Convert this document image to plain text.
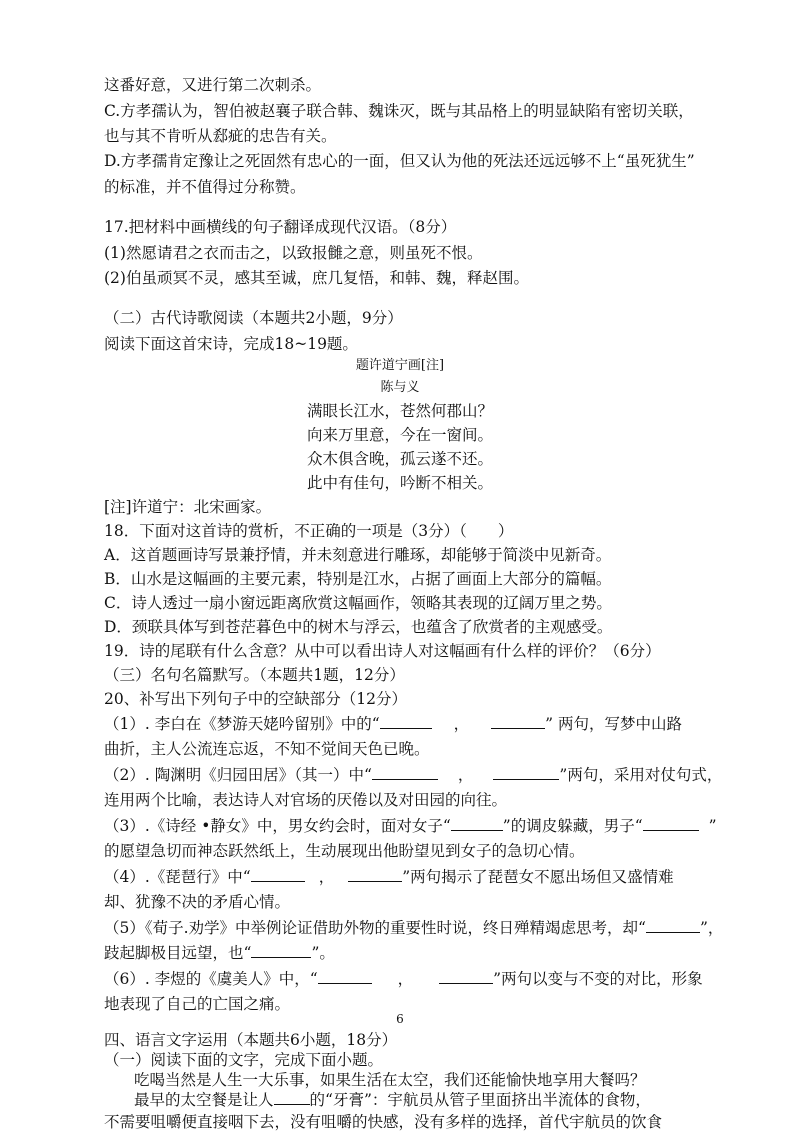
这番好意，又进行第二次刺杀。
C.方孝孺认为，智伯被赵襄子联合韩、魏诛灭，既与其品格上的明显缺陷有密切关联，
也与其不肯听从郄疵的忠告有关。
D.方孝孺肯定豫让之死固然有忠心的一面，但又认为他的死法还远远够不上“虽死犹生”
的标准，并不值得过分称赞。
17.把材料中画横线的句子翻译成现代汉语。（8分）
(1)然愿请君之衣而击之，以致报雠之意，则虽死不恨。
(2)伯虽顽冥不灵，感其至诚，庶几复悟，和韩、魏，释赵围。
（二）古代诗歌阅读（本题共2小题，9分）
阅读下面这首宋诗，完成18~19题。
题许道宁画[注]
陈与义
满眼长江水，苍然何郡山？
向来万里意，今在一窗间。
众木俱含晚，孤云遂不还。
此中有佳句，吟断不相关。
[注]许道宁：北宋画家。
18．下面对这首诗的赏析，不正确的一项是（3分）（　　）
A．这首题画诗写景兼抒情，并未刻意进行雕琢，却能够于简淡中见新奇。
B．山水是这幅画的主要元素，特别是江水，占据了画面上大部分的篇幅。
C．诗人透过一扇小窗远距离欣赏这幅画作，领略其表现的辽阔万里之势。
D．颈联具体写到苍茫暮色中的树木与浮云，也蕴含了欣赏者的主观感受。
19．诗的尾联有什么含意？从中可以看出诗人对这幅画有什么样的评价？（6分）
（三）名句名篇默写。（本题共1题，12分）
20、补写出下列句子中的空缺部分（12分）
（1）. 李白在《梦游天姥吟留别》中的“	，	” 两句，写梦中山路
曲折，主人公流连忘返，不知不觉间天色已晚。
（2）. 陶渊明《归园田居》（其一）中“	，	”两句，采用对仗句式，
连用两个比喻，表达诗人对官场的厌倦以及对田园的向往。
（3）.《诗经 •静女》中，男女约会时，面对女子“	”的调皮躲藏，男子“	”
的愿望急切而神态跃然纸上，生动展现出他盼望见到女子的急切心情。
（4）.《琵琶行》中“	，	”两句揭示了琵琶女不愿出场但又盛情难
却、犹豫不决的矛盾心情。
（5）《荀子.劝学》中举例论证借助外物的重要性时说，终日殚精竭虑思考，却“	”，
跂起脚极目远望，也“	”。
（6）. 李煜的《虞美人》中，“	，	”两句以变与不变的对比，形象
地表现了自己的亡国之痛。
6
四、语言文字运用（本题共6小题，18分）
（一）阅读下面的文字，完成下面小题。
吃喝当然是人生一大乐事，如果生活在太空，我们还能愉快地享用大餐吗？
最早的太空餐是让人 的“牙膏”：宇航员从管子里面挤出半流体的食物，
不需要咀嚼便直接咽下去，没有咀嚼的快感，没有多样的选择，首代宇航员的饮食
